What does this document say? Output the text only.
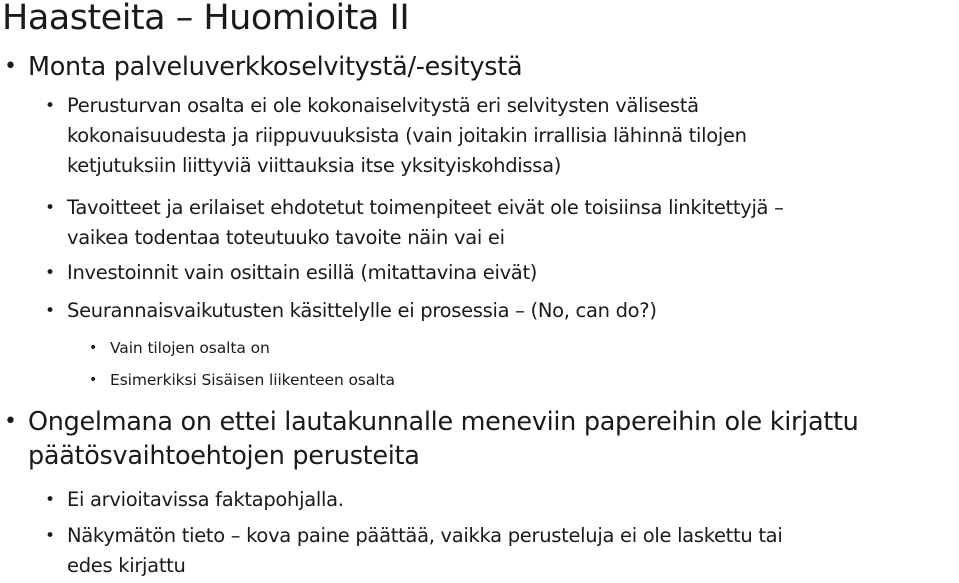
Haasteita – Huomioita II
• Monta palveluverkkoselvitystä/-esitystä
• Perusturvan osalta ei ole kokonaiselvitystä eri selvitysten välisestä
kokonaisuudesta ja riippuvuuksista (vain joitakin irrallisia lähinnä tilojen
ketjutuksiin liittyviä viittauksia itse yksityiskohdissa)
• Tavoitteet ja erilaiset ehdotetut toimenpiteet eivät ole toisiinsa linkitettyjä –
vaikea todentaa toteutuuko tavoite näin vai ei
• Investoinnit vain osittain esillä (mitattavina eivät)
• Seurannaisvaikutusten käsittelylle ei prosessia – (No, can do?)
• Vain tilojen osalta on
• Esimerkiksi Sisäisen liikenteen osalta
• Ongelmana on ettei lautakunnalle meneviin papereihin ole kirjattu
päätösvaihtoehtojen perusteita
• Ei arvioitavissa faktapohjalla.
• Näkymätön tieto – kova paine päättää, vaikka perusteluja ei ole laskettu tai
edes kirjattu
